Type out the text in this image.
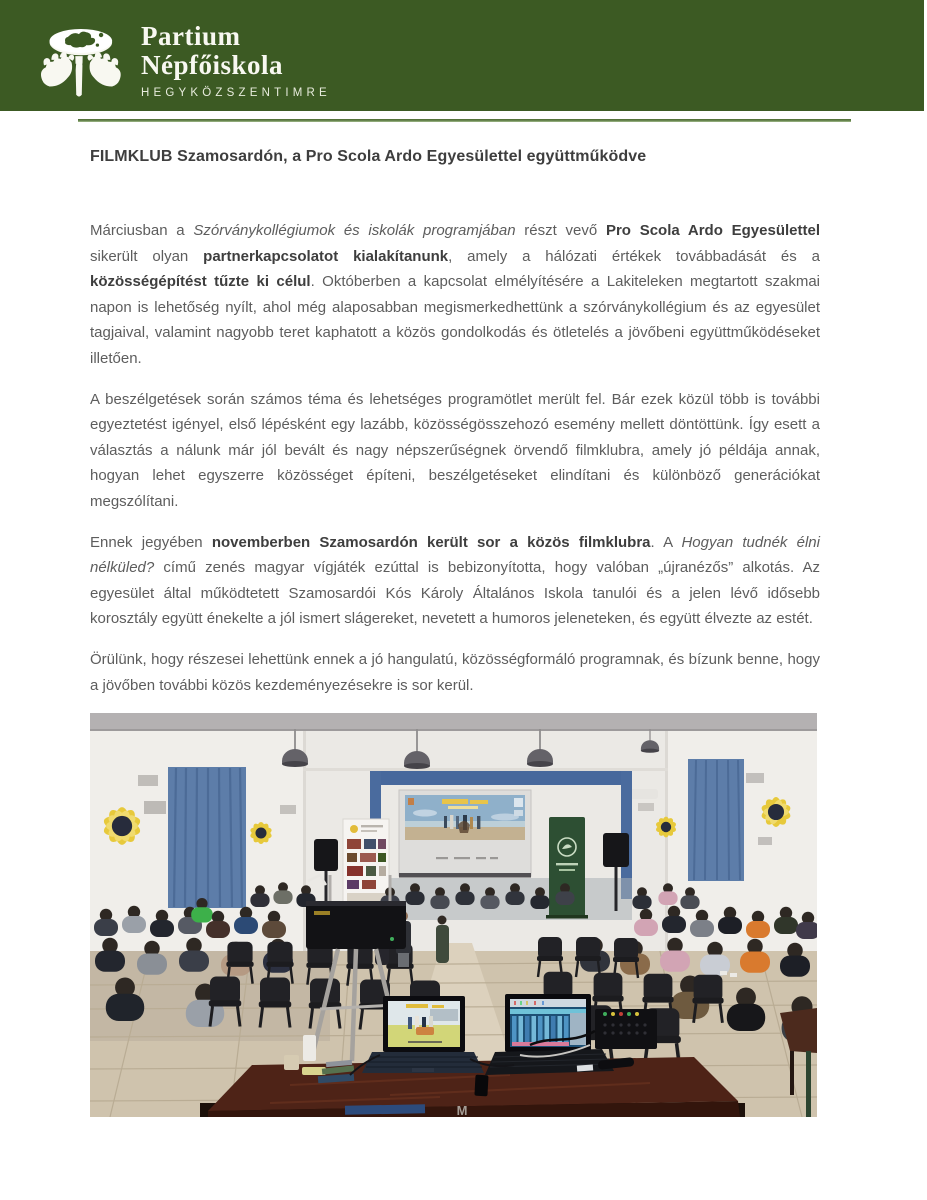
Partium
Népfőiskola
HEGYKÖZSZENTIMRE
FILMKLUB Szamosardón, a Pro Scola Ardo Egyesülettel együttműködve

Márciusban a Szórványkollégiumok és iskolák programjában részt vevő Pro Scola Ardo Egyesülettel sikerült olyan partnerkapcsolatot kialakítanunk, amely a hálózati értékek továbbadását és a közösségépítést tűzte ki célul. Októberben a kapcsolat elmélyítésére a Lakiteleken megtartott szakmai napon is lehetőség nyílt, ahol még alaposabban megismerkedhettünk a szórványkollégium és az egyesület tagjaival, valamint nagyobb teret kaphatott a közös gondolkodás és ötletelés a jövőbeni együttműködéseket illetően.

A beszélgetések során számos téma és lehetséges programötlet merült fel. Bár ezek közül több is további egyeztetést igényel, első lépésként egy lazább, közösségösszehozó esemény mellett döntöttünk. Így esett a választás a nálunk már jól bevált és nagy népszerűségnek örvendő filmklubra, amely jó példája annak, hogyan lehet egyszerre közösséget építeni, beszélgetéseket elindítani és különböző generációkat megszólítani.

Ennek jegyében novemberben Szamosardón került sor a közös filmklubra. A Hogyan tudnék élni nélküled? című zenés magyar vígjáték ezúttal is bebizonyította, hogy valóban „újranézős” alkotás. Az egyesület által működtetett Szamosardói Kós Károly Általános Iskola tanulói és a jelen lévő idősebb korosztály együtt énekelte a jól ismert slágereket, nevetett a humoros jeleneteken, és együtt élvezte az estét.

Örülünk, hogy részesei lehettünk ennek a jó hangulatú, közösségformáló programnak, és bízunk benne, hogy a jövőben további közös kezdeményezésekre is sor kerül.

M
